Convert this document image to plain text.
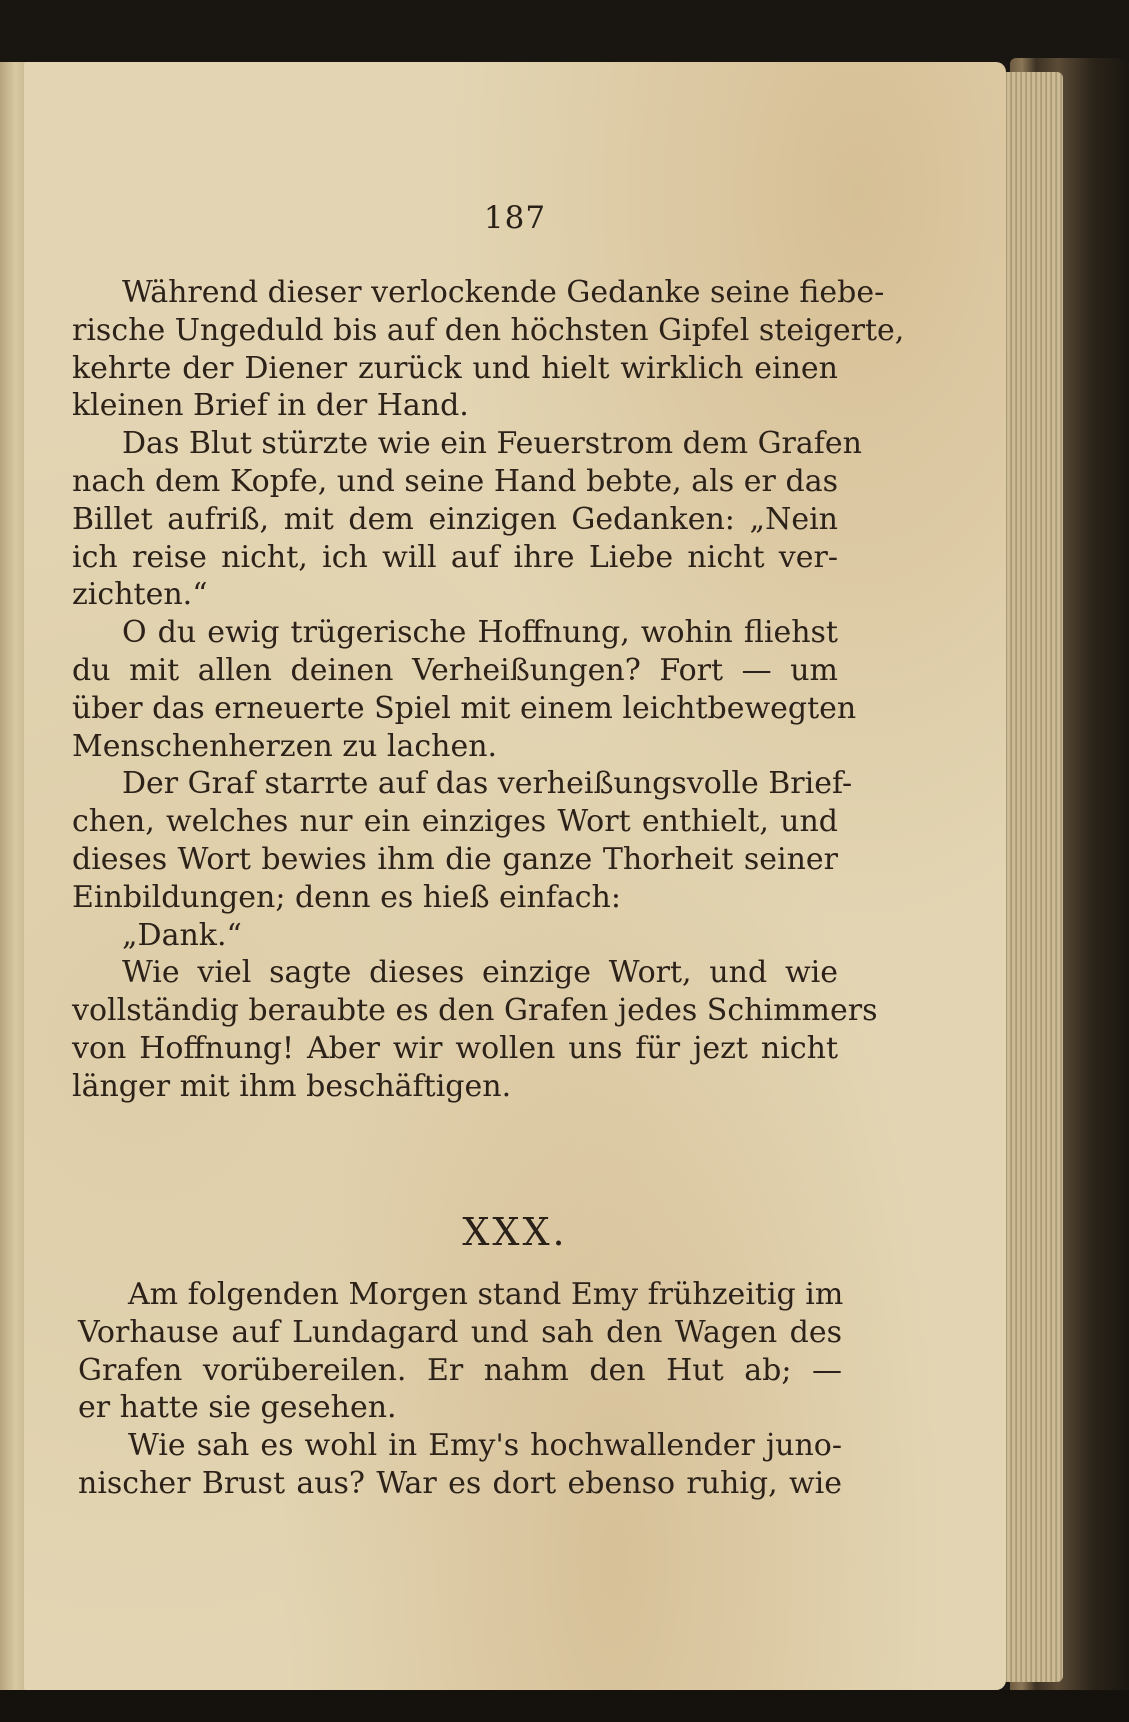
187
Während dieser verlockende Gedanke seine fiebe-
rische Ungeduld bis auf den höchsten Gipfel steigerte,
kehrte der Diener zurück und hielt wirklich einen
kleinen Brief in der Hand.
Das Blut stürzte wie ein Feuerstrom dem Grafen
nach dem Kopfe, und seine Hand bebte, als er das
Billet aufriß, mit dem einzigen Gedanken: „Nein
ich reise nicht, ich will auf ihre Liebe nicht ver-
zichten.“
O du ewig trügerische Hoffnung, wohin fliehst
du mit allen deinen Verheißungen? Fort — um
über das erneuerte Spiel mit einem leichtbewegten
Menschenherzen zu lachen.
Der Graf starrte auf das verheißungsvolle Brief-
chen, welches nur ein einziges Wort enthielt, und
dieses Wort bewies ihm die ganze Thorheit seiner
Einbildungen; denn es hieß einfach:
„Dank.“
Wie viel sagte dieses einzige Wort, und wie
vollständig beraubte es den Grafen jedes Schimmers
von Hoffnung! Aber wir wollen uns für jezt nicht
länger mit ihm beschäftigen.
XXX.
Am folgenden Morgen stand Emy frühzeitig im
Vorhause auf Lundagard und sah den Wagen des
Grafen vorübereilen. Er nahm den Hut ab; —
er hatte sie gesehen.
Wie sah es wohl in Emy's hochwallender juno-
nischer Brust aus? War es dort ebenso ruhig, wie
